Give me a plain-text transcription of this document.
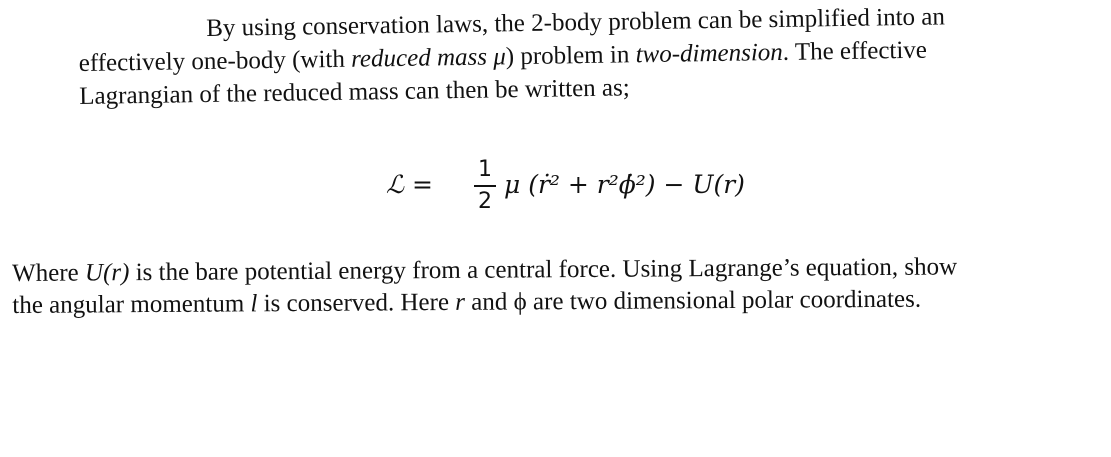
By using conservation laws, the 2-body problem can be simplified into an
effectively one-body (with reduced mass μ) problem in two-dimension. The effective
Lagrangian of the reduced mass can then be written as;
ℒ =
1
2
μ (ṙ² + r²ϕ̇²) − U(r)
Where U(r) is the bare potential energy from a central force. Using Lagrange’s equation, show
the angular momentum l is conserved. Here r and ϕ are two dimensional polar coordinates.
